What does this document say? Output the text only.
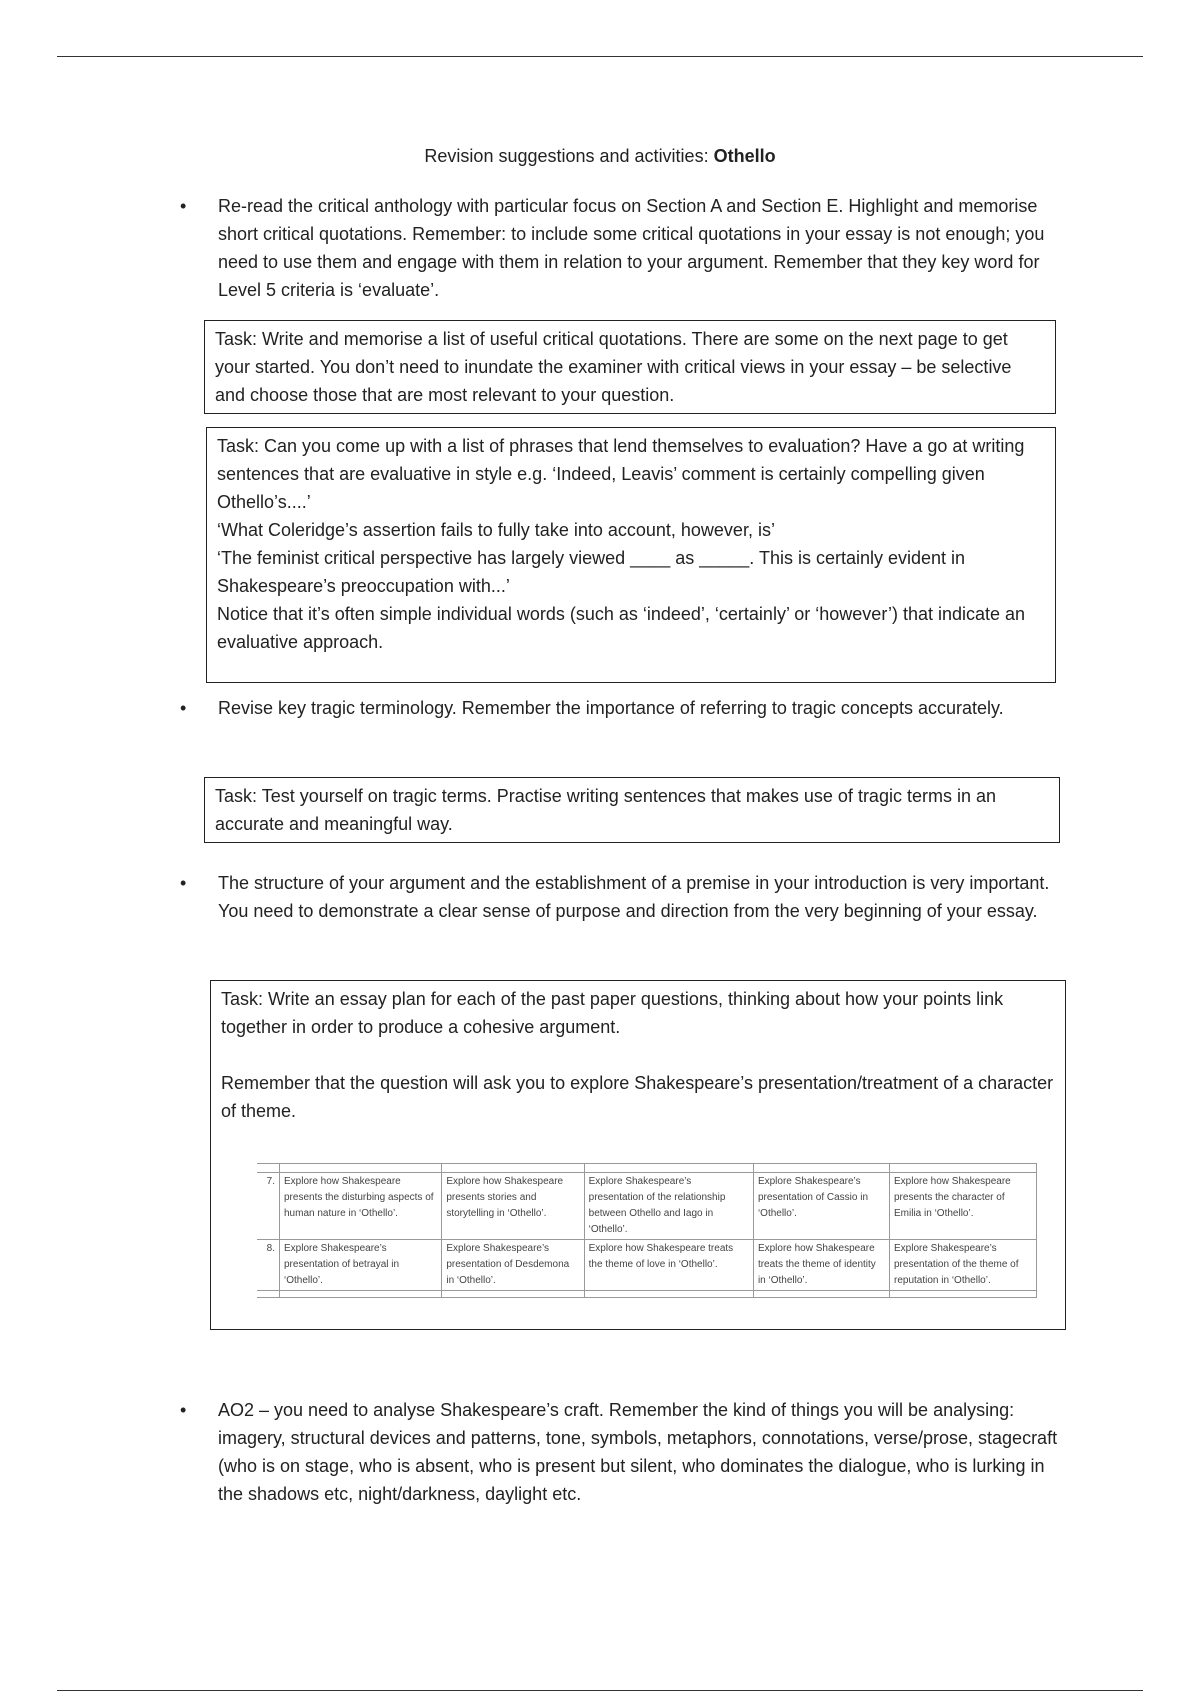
Revision suggestions and activities: Othello
• Re-read the critical anthology with particular focus on Section A and Section E. Highlight and memorise short critical quotations. Remember: to include some critical quotations in your essay is not enough; you need to use them and engage with them in relation to your argument. Remember that they key word for Level 5 criteria is ‘evaluate’.

Task: Write and memorise a list of useful critical quotations. There are some on the next page to get your started. You don’t need to inundate the examiner with critical views in your essay – be selective and choose those that are most relevant to your question.

Task: Can you come up with a list of phrases that lend themselves to evaluation? Have a go at writing sentences that are evaluative in style e.g. ‘Indeed, Leavis’ comment is certainly compelling given Othello’s....’

‘What Coleridge’s assertion fails to fully take into account, however, is’

‘The feminist critical perspective has largely viewed ____ as _____. This is certainly evident in Shakespeare’s preoccupation with...’

Notice that it’s often simple individual words (such as ‘indeed’, ‘certainly’ or ‘however’) that indicate an evaluative approach.

• Revise key tragic terminology. Remember the importance of referring to tragic concepts accurately.

Task: Test yourself on tragic terms. Practise writing sentences that makes use of tragic terms in an accurate and meaningful way.

• The structure of your argument and the establishment of a premise in your introduction is very important. You need to demonstrate a clear sense of purpose and direction from the very beginning of your essay.

Task: Write an essay plan for each of the past paper questions, thinking about how your points link together in order to produce a cohesive argument.

Remember that the question will ask you to explore Shakespeare’s presentation/treatment of a character of theme.

7.	Explore how Shakespeare presents the disturbing aspects of human nature in ‘Othello’.	Explore how Shakespeare presents stories and storytelling in ‘Othello’.	Explore Shakespeare’s presentation of the relationship between Othello and Iago in ‘Othello’.	Explore Shakespeare’s presentation of Cassio in ‘Othello’.	Explore how Shakespeare presents the character of Emilia in ‘Othello’.
8.	Explore Shakespeare’s presentation of betrayal in ‘Othello’.	Explore Shakespeare’s presentation of Desdemona in ‘Othello’.	Explore how Shakespeare treats the theme of love in ‘Othello’.	Explore how Shakespeare treats the theme of identity in ‘Othello’.	Explore Shakespeare’s presentation of the theme of reputation in ‘Othello’.

• AO2 – you need to analyse Shakespeare’s craft. Remember the kind of things you will be analysing: imagery, structural devices and patterns, tone, symbols, metaphors, connotations, verse/prose, stagecraft (who is on stage, who is absent, who is present but silent, who dominates the dialogue, who is lurking in the shadows etc, night/darkness, daylight etc.
